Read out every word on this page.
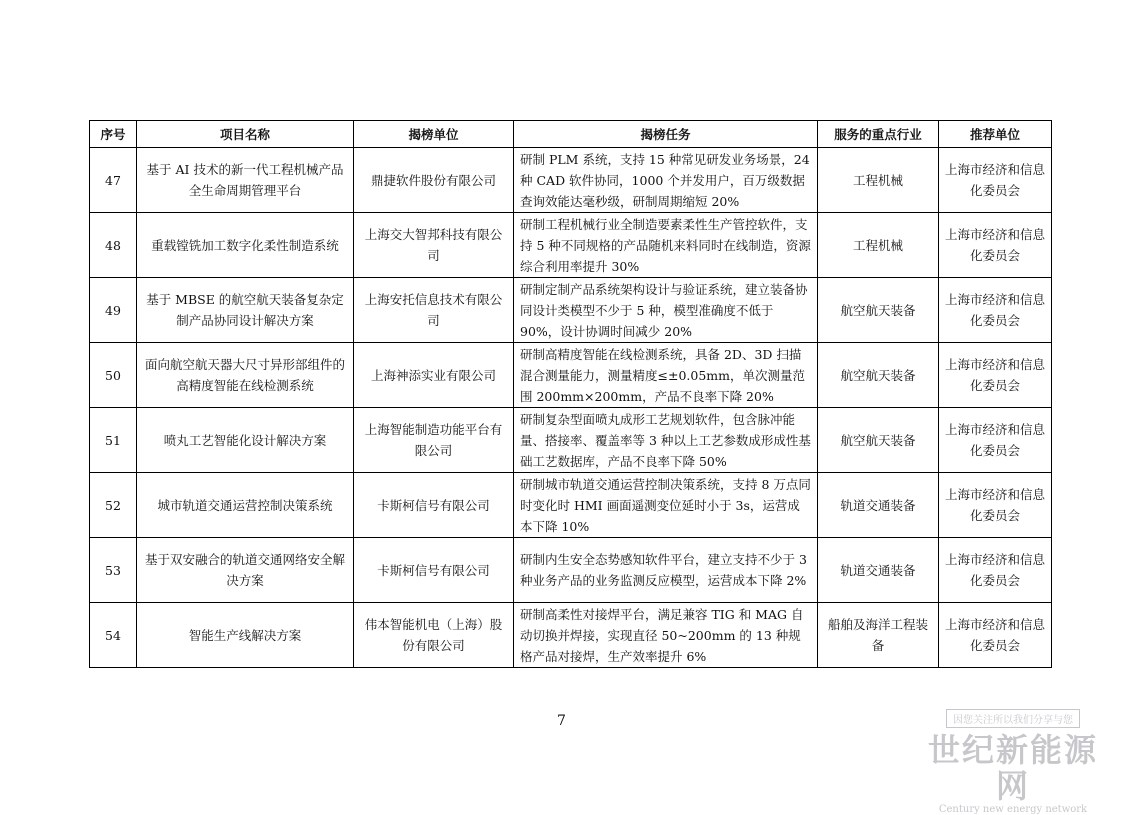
序号	项目名称	揭榜单位	揭榜任务	服务的重点行业	推荐单位
47	基于 AI 技术的新一代工程机械产品全生命周期管理平台	鼎捷软件股份有限公司	研制 PLM 系统，支持 15 种常见研发业务场景，24 种 CAD 软件协同，1000 个并发用户，百万级数据查询效能达毫秒级，研制周期缩短 20%	工程机械	上海市经济和信息化委员会
48	重载镗铣加工数字化柔性制造系统	上海交大智邦科技有限公司	研制工程机械行业全制造要素柔性生产管控软件，支持 5 种不同规格的产品随机来料同时在线制造，资源综合利用率提升 30%	工程机械	上海市经济和信息化委员会
49	基于 MBSE 的航空航天装备复杂定制产品协同设计解决方案	上海安托信息技术有限公司	研制定制产品系统架构设计与验证系统，建立装备协同设计类模型不少于 5 种，模型准确度不低于 90%，设计协调时间减少 20%	航空航天装备	上海市经济和信息化委员会
50	面向航空航天器大尺寸异形部组件的高精度智能在线检测系统	上海神添实业有限公司	研制高精度智能在线检测系统，具备 2D、3D 扫描混合测量能力，测量精度≤±0.05mm，单次测量范围 200mm×200mm，产品不良率下降 20%	航空航天装备	上海市经济和信息化委员会
51	喷丸工艺智能化设计解决方案	上海智能制造功能平台有限公司	研制复杂型面喷丸成形工艺规划软件，包含脉冲能量、搭接率、覆盖率等 3 种以上工艺参数成形成性基础工艺数据库，产品不良率下降 50%	航空航天装备	上海市经济和信息化委员会
52	城市轨道交通运营控制决策系统	卡斯柯信号有限公司	研制城市轨道交通运营控制决策系统，支持 8 万点同时变化时 HMI 画面遥测变位延时小于 3s，运营成本下降 10%	轨道交通装备	上海市经济和信息化委员会
53	基于双安融合的轨道交通网络安全解决方案	卡斯柯信号有限公司	研制内生安全态势感知软件平台，建立支持不少于 3 种业务产品的业务监测反应模型，运营成本下降 2%	轨道交通装备	上海市经济和信息化委员会
54	智能生产线解决方案	伟本智能机电（上海）股份有限公司	研制高柔性对接焊平台，满足兼容 TIG 和 MAG 自动切换并焊接，实现直径 50~200mm 的 13 种规格产品对接焊，生产效率提升 6%	船舶及海洋工程装备	上海市经济和信息化委员会
7	因您关注所以我们分享与您
世纪新能源网
Century new energy network
